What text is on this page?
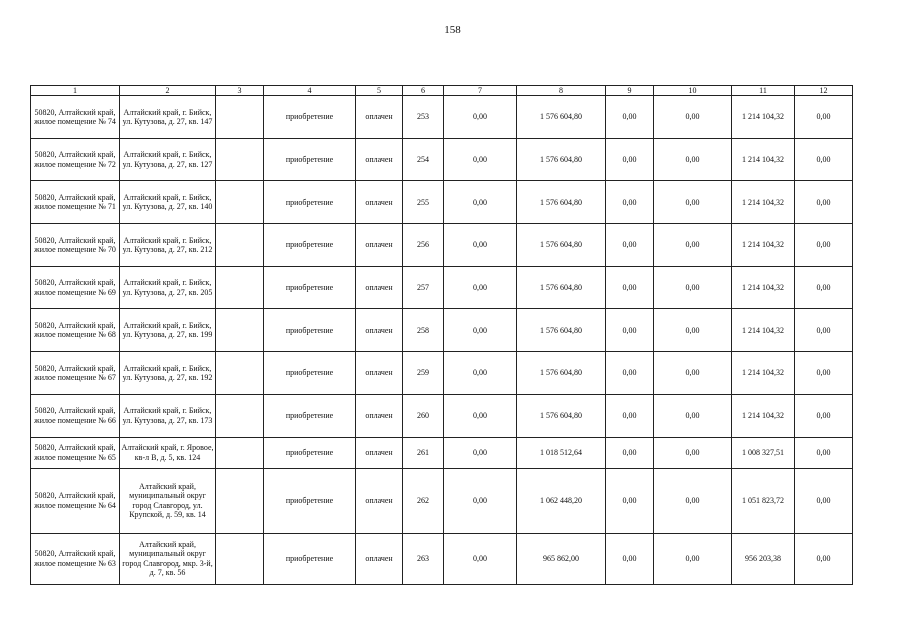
158
1	2	3	4	5	6	7	8	9	10	11	12
50820, Алтайский край, жилое помещение № 74	Алтайский край, г. Бийск, ул. Кутузова, д. 27, кв. 147		приобретение	оплачен	253	0,00	1 576 604,80	0,00	0,00	1 214 104,32	0,00
50820, Алтайский край, жилое помещение № 72	Алтайский край, г. Бийск, ул. Кутузова, д. 27, кв. 127		приобретение	оплачен	254	0,00	1 576 604,80	0,00	0,00	1 214 104,32	0,00
50820, Алтайский край, жилое помещение № 71	Алтайский край, г. Бийск, ул. Кутузова, д. 27, кв. 140		приобретение	оплачен	255	0,00	1 576 604,80	0,00	0,00	1 214 104,32	0,00
50820, Алтайский край, жилое помещение № 70	Алтайский край, г. Бийск, ул. Кутузова, д. 27, кв. 212		приобретение	оплачен	256	0,00	1 576 604,80	0,00	0,00	1 214 104,32	0,00
50820, Алтайский край, жилое помещение № 69	Алтайский край, г. Бийск, ул. Кутузова, д. 27, кв. 205		приобретение	оплачен	257	0,00	1 576 604,80	0,00	0,00	1 214 104,32	0,00
50820, Алтайский край, жилое помещение № 68	Алтайский край, г. Бийск, ул. Кутузова, д. 27, кв. 199		приобретение	оплачен	258	0,00	1 576 604,80	0,00	0,00	1 214 104,32	0,00
50820, Алтайский край, жилое помещение № 67	Алтайский край, г. Бийск, ул. Кутузова, д. 27, кв. 192		приобретение	оплачен	259	0,00	1 576 604,80	0,00	0,00	1 214 104,32	0,00
50820, Алтайский край, жилое помещение № 66	Алтайский край, г. Бийск, ул. Кутузова, д. 27, кв. 173		приобретение	оплачен	260	0,00	1 576 604,80	0,00	0,00	1 214 104,32	0,00
50820, Алтайский край, жилое помещение № 65	Алтайский край, г. Яровое, кв-л В, д. 5, кв. 124		приобретение	оплачен	261	0,00	1 018 512,64	0,00	0,00	1 008 327,51	0,00
50820, Алтайский край, жилое помещение № 64	Алтайский край, муниципальный округ город Славгород, ул. Крупской, д. 59, кв. 14		приобретение	оплачен	262	0,00	1 062 448,20	0,00	0,00	1 051 823,72	0,00
50820, Алтайский край, жилое помещение № 63	Алтайский край, муниципальный округ город Славгород, мкр. 3-й, д. 7, кв. 56		приобретение	оплачен	263	0,00	965 862,00	0,00	0,00	956 203,38	0,00
